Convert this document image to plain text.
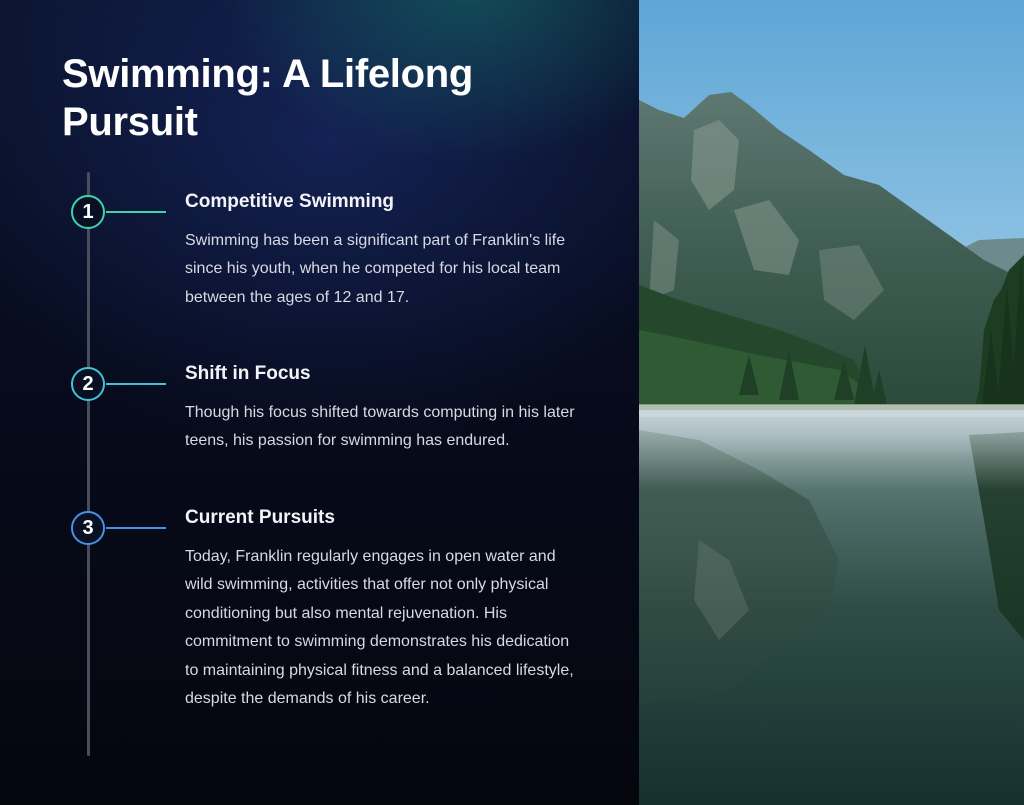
Swimming: A Lifelong Pursuit
1	Competitive Swimming

Swimming has been a significant part of Franklin's life since his youth, when he competed for his local team between the ages of 12 and 17.

2	Shift in Focus

Though his focus shifted towards computing in his later teens, his passion for swimming has endured.

3	Current Pursuits

Today, Franklin regularly engages in open water and wild swimming, activities that offer not only physical conditioning but also mental rejuvenation. His commitment to swimming demonstrates his dedication to maintaining physical fitness and a balanced lifestyle, despite the demands of his career.
